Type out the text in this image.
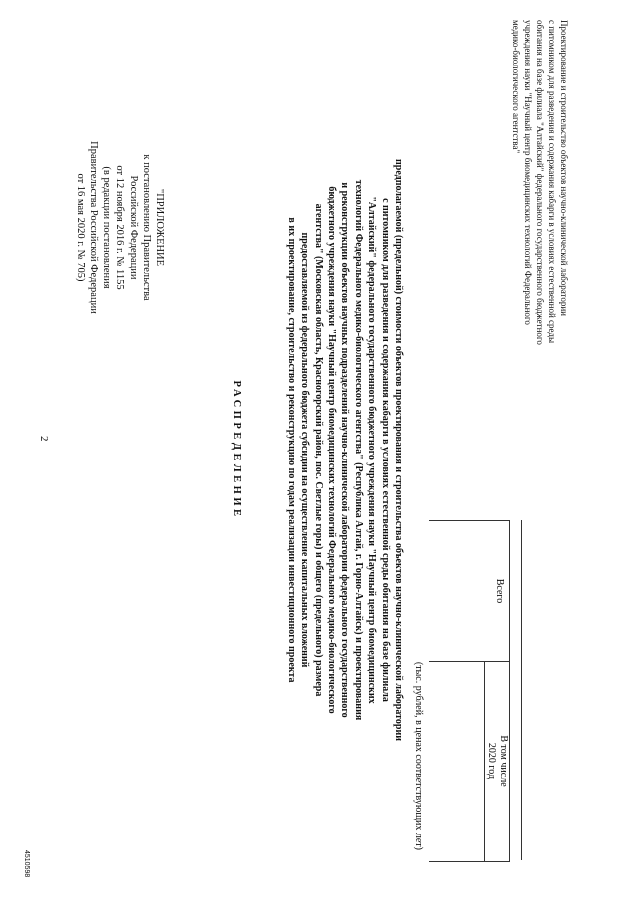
4510598
2
"ПРИЛОЖЕНИЕ
к постановлению Правительства
Российской Федерации
от 12 ноября 2016 г. № 1155
(в редакции постановления
Правительства Российской Федерации
от 16 мая 2020 г. № 705)
РАСПРЕДЕЛЕНИЕ	предполагаемой (предельной) стоимости объектов проектирования и строительства объектов научно-клинической лаборатории
с питомником для разведения и содержания кабарги в условиях естественной среды обитания на базе филиала
"Алтайский" федерального государственного бюджетного учреждения науки "Научный центр биомедицинских
технологий Федерального медико-биологического агентства" (Республика Алтай, г. Горно-Алтайск) и проектирования
и реконструкции объектов научных подразделений научно-клинической лаборатории федерального государственного
бюджетного учреждения науки "Научный центр биомедицинских технологий Федерального медико-биологического
агентства" (Московская область, Красногорский район, пос. Светлые горы) и общего (предельного) размера
предоставляемой из федерального бюджета субсидии на осуществление капитальных вложений
в их проектирование, строительство и реконструкцию по годам реализации инвестиционного проекта
(тыс. рублей, в ценах соответствующих лет)
Всего
В том числе
2020 год
Проектирование и строительство объектов научно-клинической лаборатории
с питомником для разведения и содержания кабарги в условиях естественной среды
обитания на базе филиала "Алтайский" федерального государственного бюджетного
учреждения науки "Научный центр биомедицинских технологий Федерального
медико-биологического агентства"
